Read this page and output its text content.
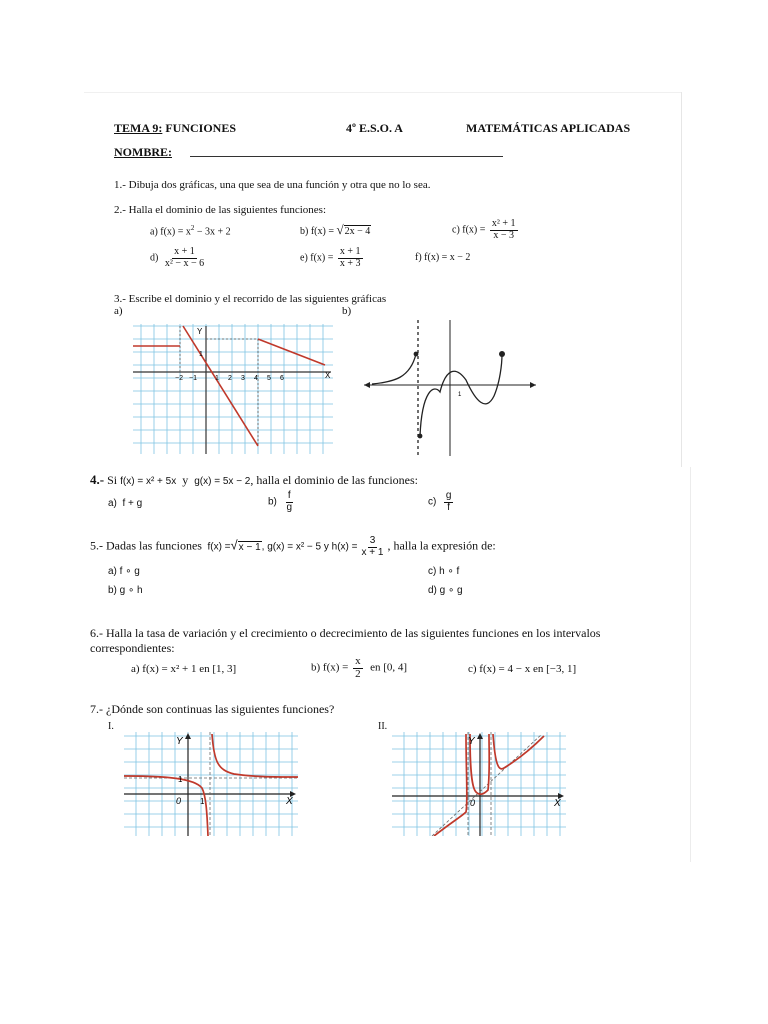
TEMA 9: FUNCIONES	4º E.S.O. A	MATEMÁTICAS APLICADAS
NOMBRE:
1.- Dibuja dos gráficas, una que sea de una función y otra que no lo sea.
2.- Halla el dominio de las siguientes funciones:
a) $f(x) = x^2 - 3x + 2$	b) f(x) = √2x − 4	c) $f(x) = \frac{\text{x² + 1}}{x - 3}$
$d) \frac{x + 1}{\text{x² − x − 6}}$	e) $f(x) = \frac{x + 1}{x + 3}$	f) f(x) = x − 2
3.- Escribe el dominio y el recorrido de las siguientes gráficas
a)	b)
Y
X
1
−2 −1	1 2 3 4 5 6
1
4.- Si f(x) = x² + 5x  y  g(x) = 5x − 2, halla el dominio de las funciones:
a) f + g	$b) \frac{f}{g}$	$c) \frac{g}{f}$
5.- Dadas las funciones f(x) =√x − 1, g(x) = x² − 5 y $h(x) = \frac{3}{x + 1}$ , halla la expresión de:
a) f ∘ g
b) g ∘ h
c) h ∘ f
d) g ∘ g
6.- Halla la tasa de variación y el crecimiento o decrecimiento de las siguientes funciones en los intervalos
correspondientes:
a) f(x) = x² + 1 en [1, 3]	b) $f(x) = \frac{x}{2}$ en [0, 4]	c) f(x) = 4 − x en [−3, 1]
7.- ¿Dónde son continuas las siguientes funciones?
I.	II.
Y
X
0
1
1
Y
X
0
